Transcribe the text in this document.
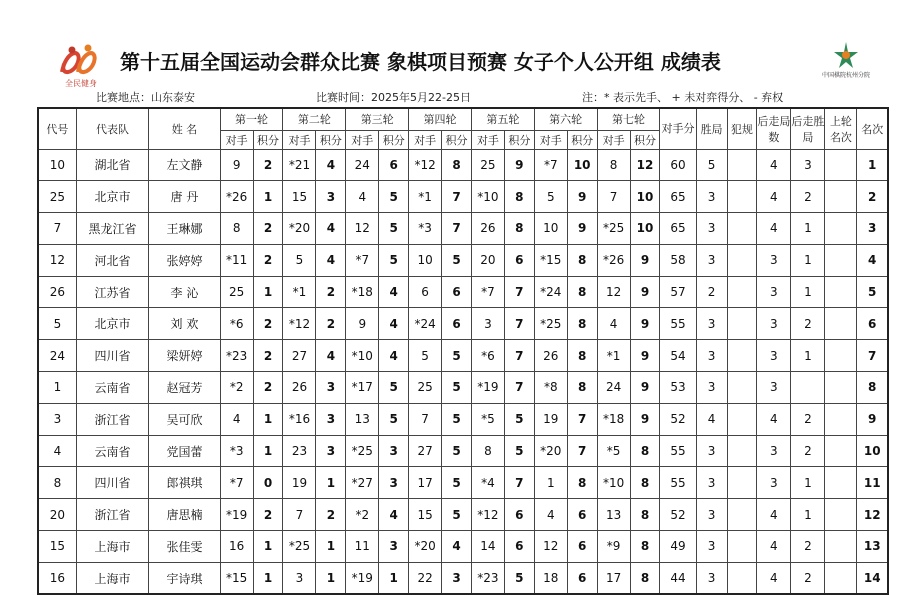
全民健身
中国棋院杭州分院
第十五届全国运动会群众比赛 象棋项目预赛 女子个人公开组 成绩表
比赛地点：山东泰安	比赛时间：2025年5月22-25日	注：* 表示先手、 + 未对弈得分、 - 弃权
代号	代表队	姓 名	第一轮		第二轮		第三轮		第四轮		第五轮		第六轮		第七轮		对手分	胜局	犯规	后走局数	后走胜局	上轮名次	名次
			对手	积分	对手	积分	对手	积分	对手	积分	对手	积分	对手	积分	对手	积分							
10	湖北省	左文静	9	2	*21	4	24	6	*12	8	25	9	*7	10	8	12	60	5		4	3		1
25	北京市	唐 丹	*26	1	15	3	4	5	*1	7	*10	8	5	9	7	10	65	3		4	2		2
7	黑龙江省	王琳娜	8	2	*20	4	12	5	*3	7	26	8	10	9	*25	10	65	3		4	1		3
12	河北省	张婷婷	*11	2	5	4	*7	5	10	5	20	6	*15	8	*26	9	58	3		3	1		4
26	江苏省	李 沁	25	1	*1	2	*18	4	6	6	*7	7	*24	8	12	9	57	2		3	1		5
5	北京市	刘 欢	*6	2	*12	2	9	4	*24	6	3	7	*25	8	4	9	55	3		3	2		6
24	四川省	梁妍婷	*23	2	27	4	*10	4	5	5	*6	7	26	8	*1	9	54	3		3	1		7
1	云南省	赵冠芳	*2	2	26	3	*17	5	25	5	*19	7	*8	8	24	9	53	3		3			8
3	浙江省	吴可欣	4	1	*16	3	13	5	7	5	*5	5	19	7	*18	9	52	4		4	2		9
4	云南省	党国蕾	*3	1	23	3	*25	3	27	5	8	5	*20	7	*5	8	55	3		3	2		10
8	四川省	郎祺琪	*7	0	19	1	*27	3	17	5	*4	7	1	8	*10	8	55	3		3	1		11
20	浙江省	唐思楠	*19	2	7	2	*2	4	15	5	*12	6	4	6	13	8	52	3		4	1		12
15	上海市	张佳雯	16	1	*25	1	11	3	*20	4	14	6	12	6	*9	8	49	3		4	2		13
16	上海市	宇诗琪	*15	1	3	1	*19	1	22	3	*23	5	18	6	17	8	44	3		4	2		14
